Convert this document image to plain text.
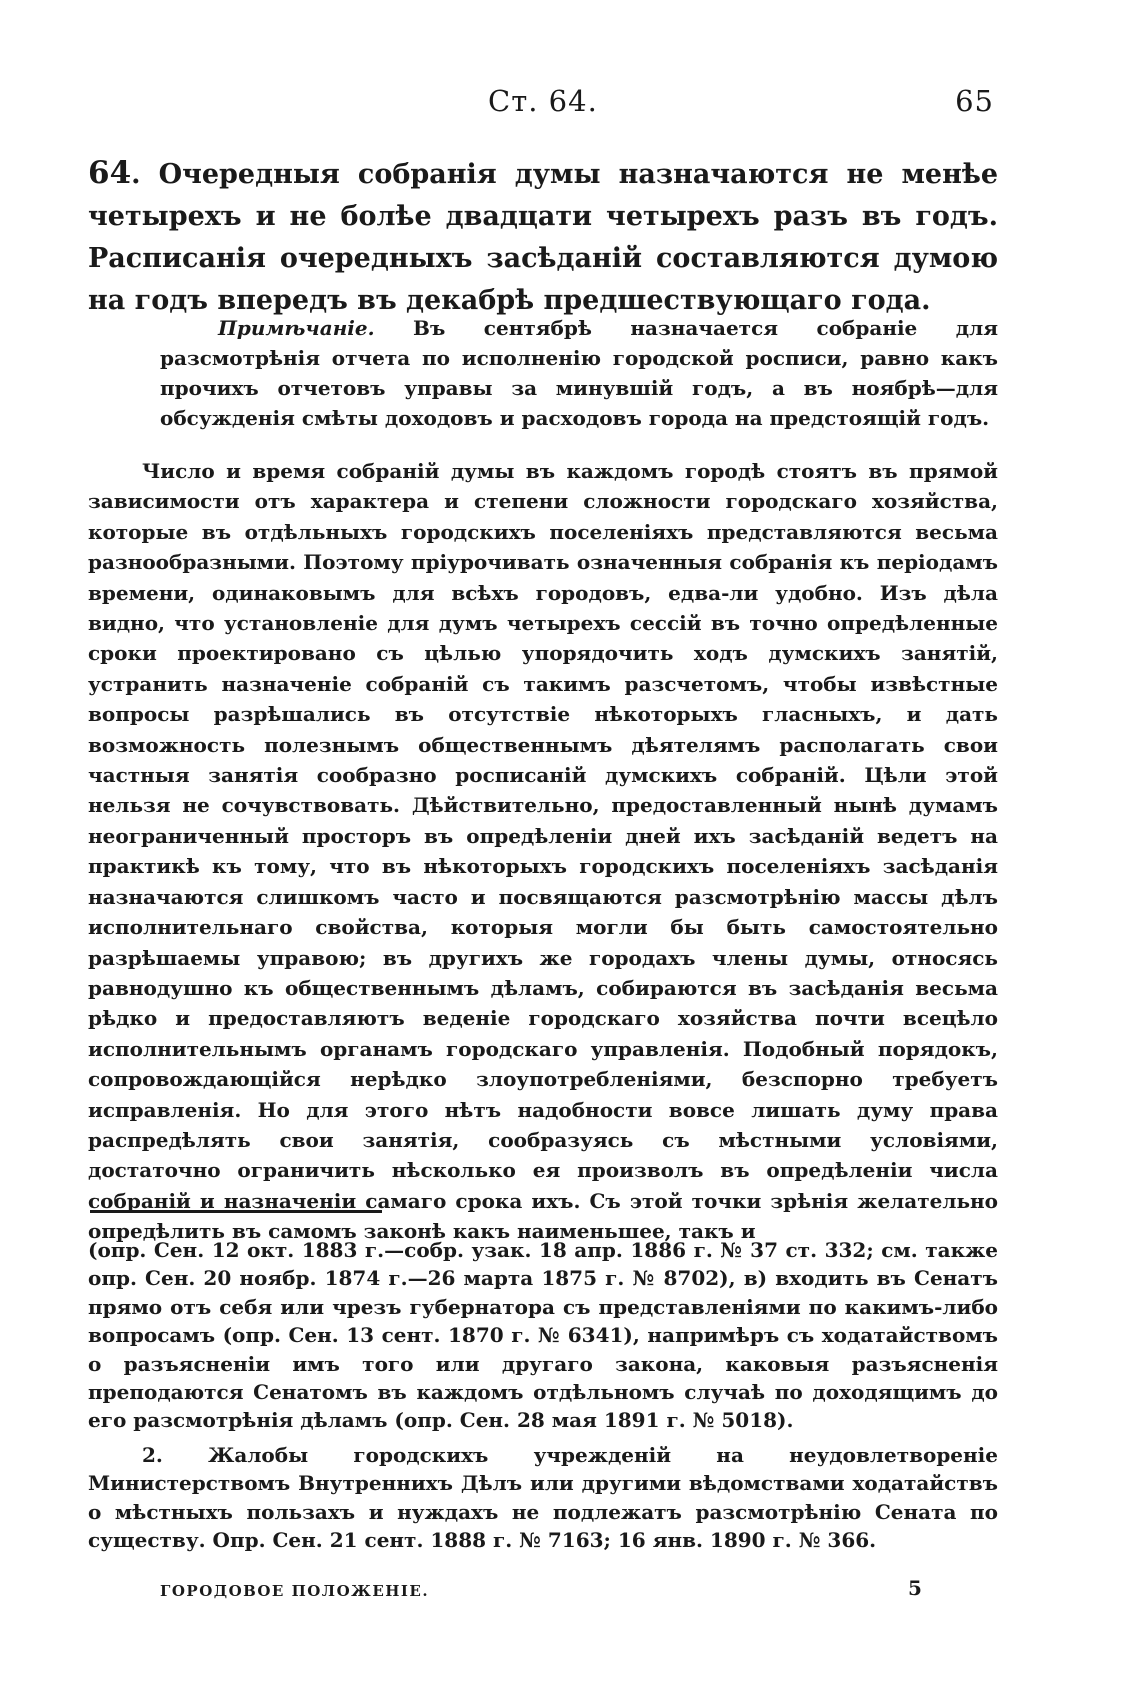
Ст. 64.	65
64. Очередныя собранія думы назначаются не менѣе четырехъ и не болѣе двадцати четырехъ разъ въ годъ. Расписанія очередныхъ засѣданій составляются думою на годъ впередъ въ декабрѣ предшествующаго года.
Примѣчаніе. Въ сентябрѣ назначается собраніе для разсмотрѣнія отчета по исполненію городской росписи, равно какъ прочихъ отчетовъ управы за минувшій годъ, а въ ноябрѣ—для обсужденія смѣты доходовъ и расходовъ города на предстоящій годъ.
Число и время собраній думы въ каждомъ городѣ стоятъ въ прямой зависимости отъ характера и степени сложности городскаго хозяйства, которые въ отдѣльныхъ городскихъ поселеніяхъ представляются весьма разнообразными. Поэтому пріурочивать означенныя собранія къ періодамъ времени, одинаковымъ для всѣхъ городовъ, едва-ли удобно. Изъ дѣла видно, что установленіе для думъ четырехъ сессій въ точно опредѣленные сроки проектировано съ цѣлью упорядочить ходъ думскихъ занятій, устранить назначеніе собраній съ такимъ разсчетомъ, чтобы извѣстные вопросы разрѣшались въ отсутствіе нѣкоторыхъ гласныхъ, и дать возможность полезнымъ общественнымъ дѣятелямъ располагать свои частныя занятія сообразно росписаній думскихъ собраній. Цѣли этой нельзя не сочувствовать. Дѣйствительно, предоставленный нынѣ думамъ неограниченный просторъ въ опредѣленіи дней ихъ засѣданій ведетъ на практикѣ къ тому, что въ нѣкоторыхъ городскихъ поселеніяхъ засѣданія назначаются слишкомъ часто и посвящаются разсмотрѣнію массы дѣлъ исполнительнаго свойства, которыя могли бы быть самостоятельно разрѣшаемы управою; въ другихъ же городахъ члены думы, относясь равнодушно къ общественнымъ дѣламъ, собираются въ засѣданія весьма рѣдко и предоставляютъ веденіе городскаго хозяйства почти всецѣло исполнительнымъ органамъ городскаго управленія. Подобный порядокъ, сопровождающійся нерѣдко злоупотребленіями, безспорно требуетъ исправленія. Но для этого нѣтъ надобности вовсе лишать думу права распредѣлять свои занятія, сообразуясь съ мѣстными условіями, достаточно ограничить нѣсколько ея произволъ въ опредѣленіи числа собраній и назначеніи самаго срока ихъ. Съ этой точки зрѣнія желательно опредѣлить въ самомъ законѣ какъ наименьшее, такъ и

(опр. Сен. 12 окт. 1883 г.—собр. узак. 18 апр. 1886 г. № 37 ст. 332; см. также опр. Сен. 20 ноябр. 1874 г.—26 марта 1875 г. № 8702), в) входить въ Сенатъ прямо отъ себя или чрезъ губернатора съ представленіями по какимъ-либо вопросамъ (опр. Сен. 13 сент. 1870 г. № 6341), напримѣръ съ ходатайствомъ о разъясненіи имъ того или другаго закона, каковыя разъясненія преподаются Сенатомъ въ каждомъ отдѣльномъ случаѣ по доходящимъ до его разсмотрѣнія дѣламъ (опр. Сен. 28 мая 1891 г. № 5018).

2. Жалобы городскихъ учрежденій на неудовлетвореніе Министерствомъ Внутреннихъ Дѣлъ или другими вѣдомствами ходатайствъ о мѣстныхъ пользахъ и нуждахъ не подлежатъ разсмотрѣнію Сената по существу. Опр. Сен. 21 сент. 1888 г. № 7163; 16 янв. 1890 г. № 366.

ГОРОДОВОЕ ПОЛОЖЕНІЕ.	5
